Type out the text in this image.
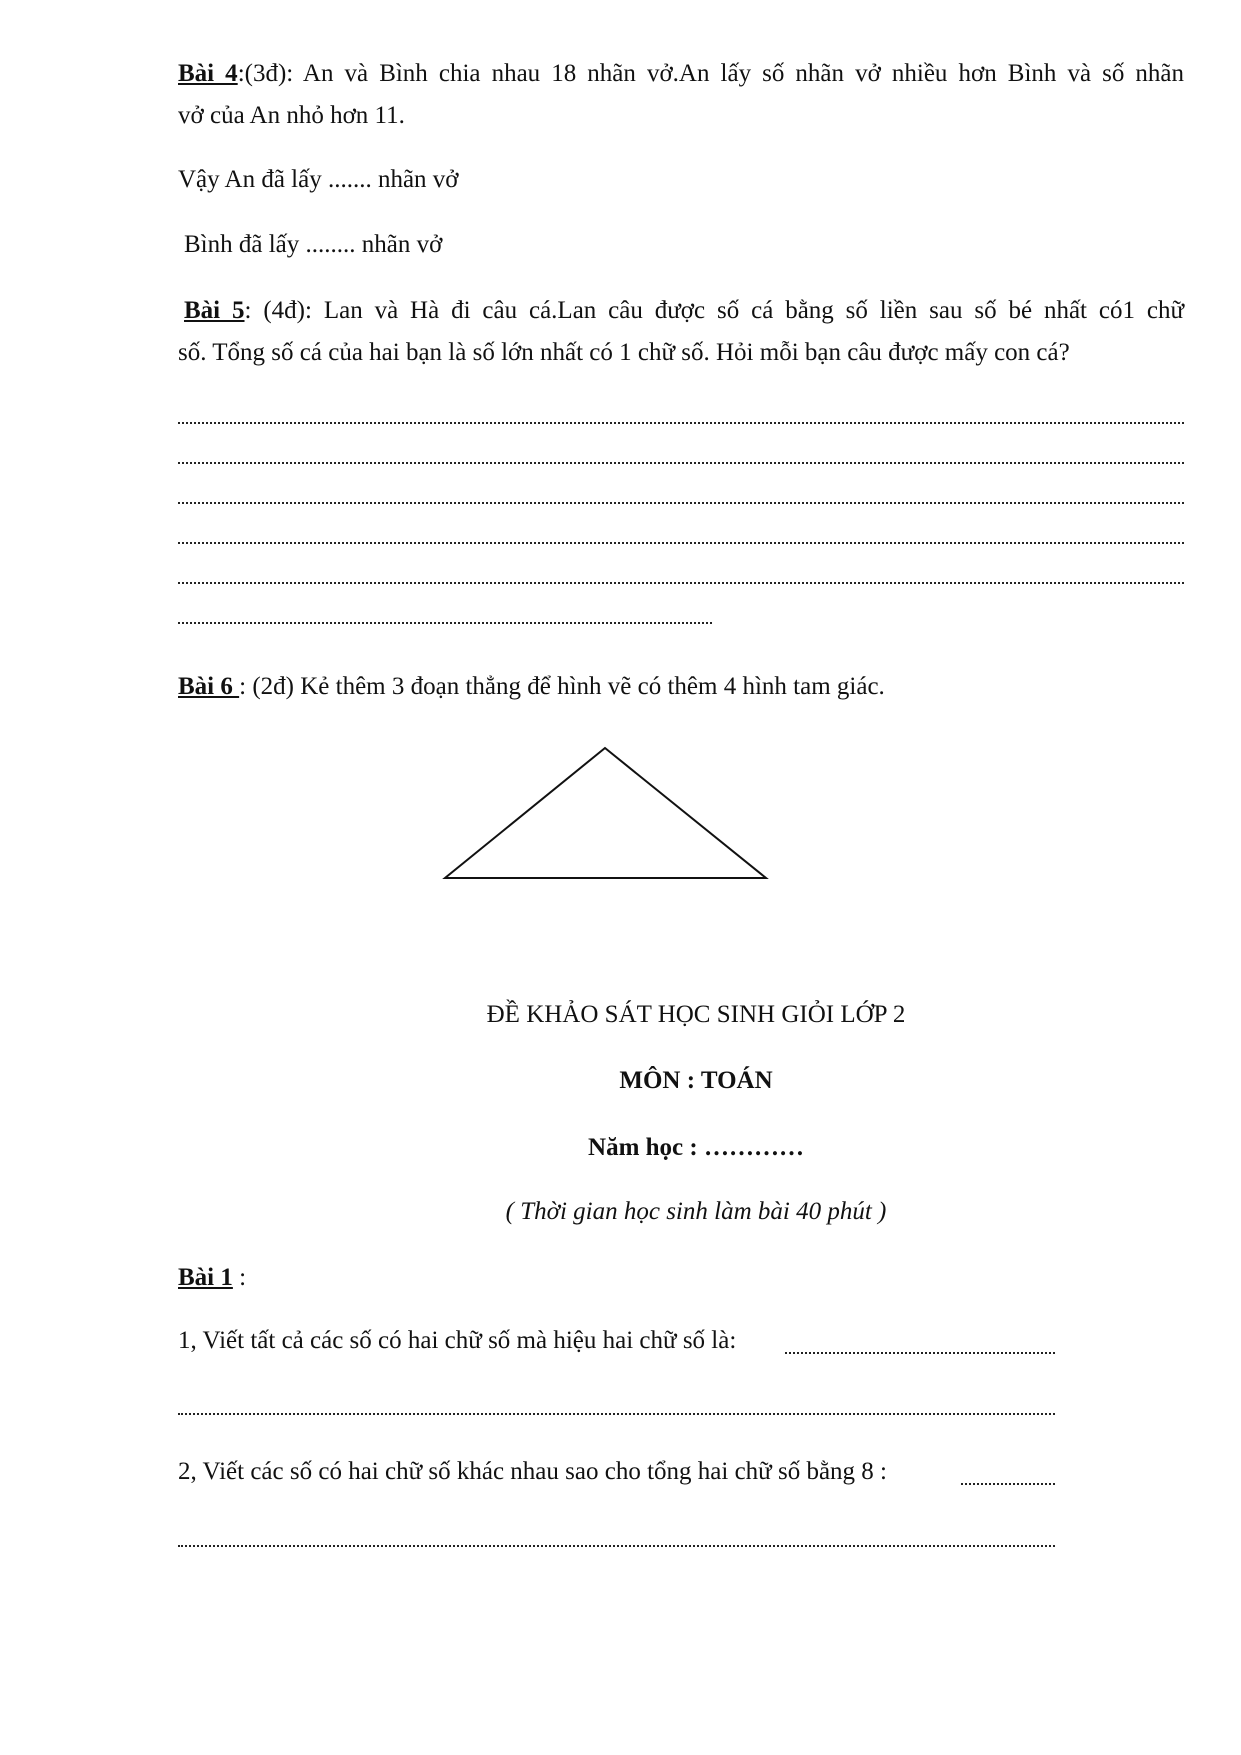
Bài 4:(3đ): An và Bình chia nhau 18 nhãn vở.An lấy số nhãn vở nhiều hơn Bình và số nhãn
vở của An nhỏ hơn 11.
Vậy An đã lấy ....... nhãn vở
Bình đã lấy ........ nhãn vở
Bài 5: (4đ): Lan và Hà đi câu cá.Lan câu được số cá bằng số liền sau số bé nhất có1 chữ
số. Tổng số cá của hai bạn là số lớn nhất có 1 chữ số. Hỏi mỗi bạn câu được mấy con cá?
Bài 6 : (2đ) Kẻ thêm 3 đoạn thẳng để hình vẽ có thêm 4 hình tam giác.
ĐỀ KHẢO SÁT HỌC SINH GIỎI LỚP 2
MÔN : TOÁN
Năm học : …………
( Thời gian học sinh làm bài 40 phút )
Bài 1 :
1, Viết tất cả các số có hai chữ số mà hiệu hai chữ số là:
2, Viết các số có hai chữ số khác nhau sao cho tổng hai chữ số bằng 8 :
